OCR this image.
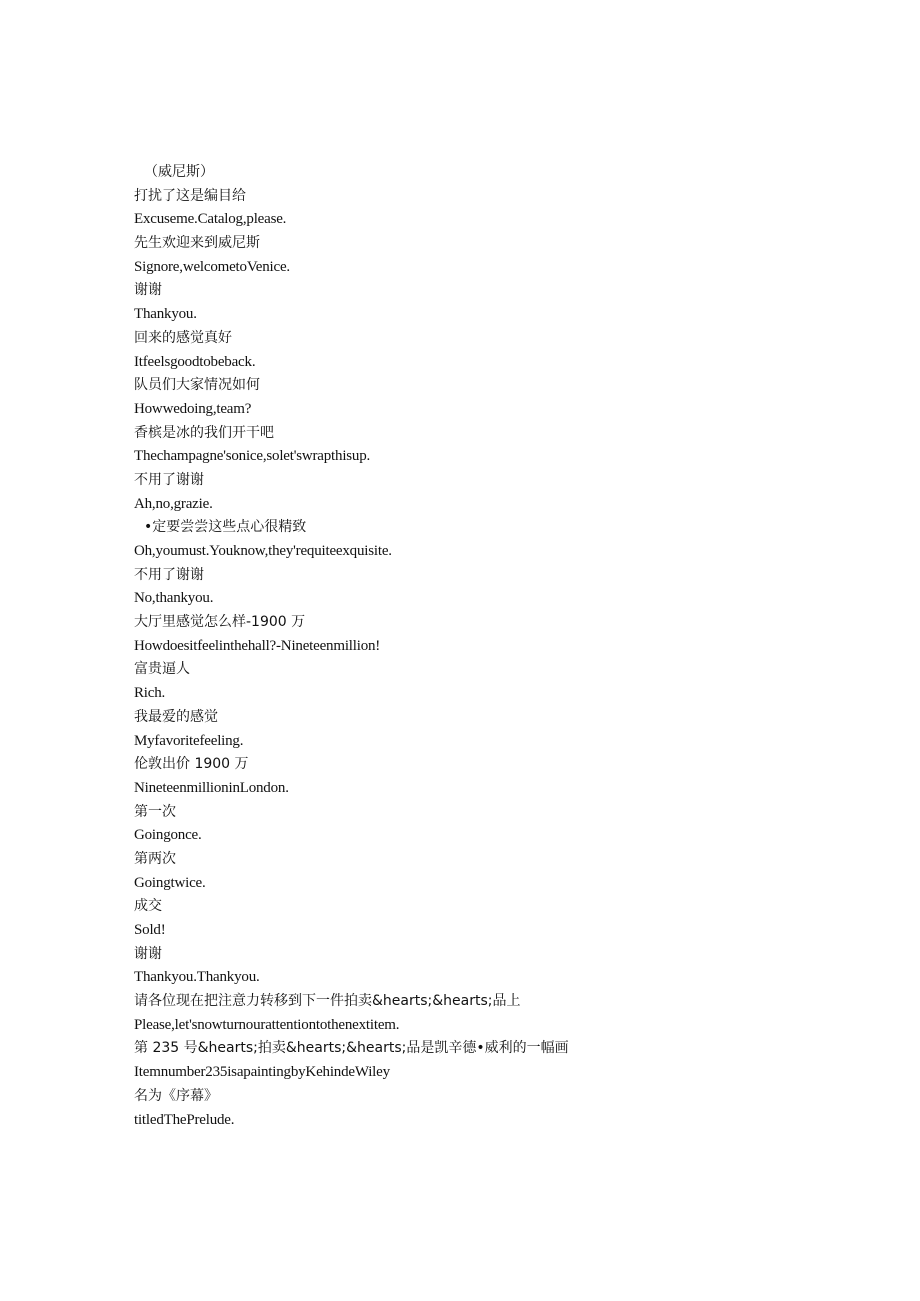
（威尼斯）
打扰了这是编目给
Excuseme.Catalog,please.
先生欢迎来到威尼斯
Signore,welcometoVenice.
谢谢
Thankyou.
回来的感觉真好
Itfeelsgoodtobeback.
队员们大家情况如何
Howwedoing,team?
香槟是冰的我们开干吧
Thechampagne'sonice,solet'swrapthisup.
不用了谢谢
Ah,no,grazie.
•定要尝尝这些点心很精致
Oh,youmust.Youknow,they'requiteexquisite.
不用了谢谢
No,thankyou.
大厅里感觉怎么样-1900 万
Howdoesitfeelinthehall?-Nineteenmillion!
富贵逼人
Rich.
我最爱的感觉
Myfavoritefeeling.
伦敦出价 1900 万
NineteenmillioninLondon.
第一次
Goingonce.
第两次
Goingtwice.
成交
Sold!
谢谢
Thankyou.Thankyou.
请各位现在把注意力转移到下一件拍卖&hearts;&hearts;品上
Please,let'snowturnourattentiontothenextitem.
第 235 号&hearts;拍卖&hearts;&hearts;品是凯辛德•威利的一幅画
Itemnumber235isapaintingbyKehindeWiley
名为《序幕》
titledThePrelude.
